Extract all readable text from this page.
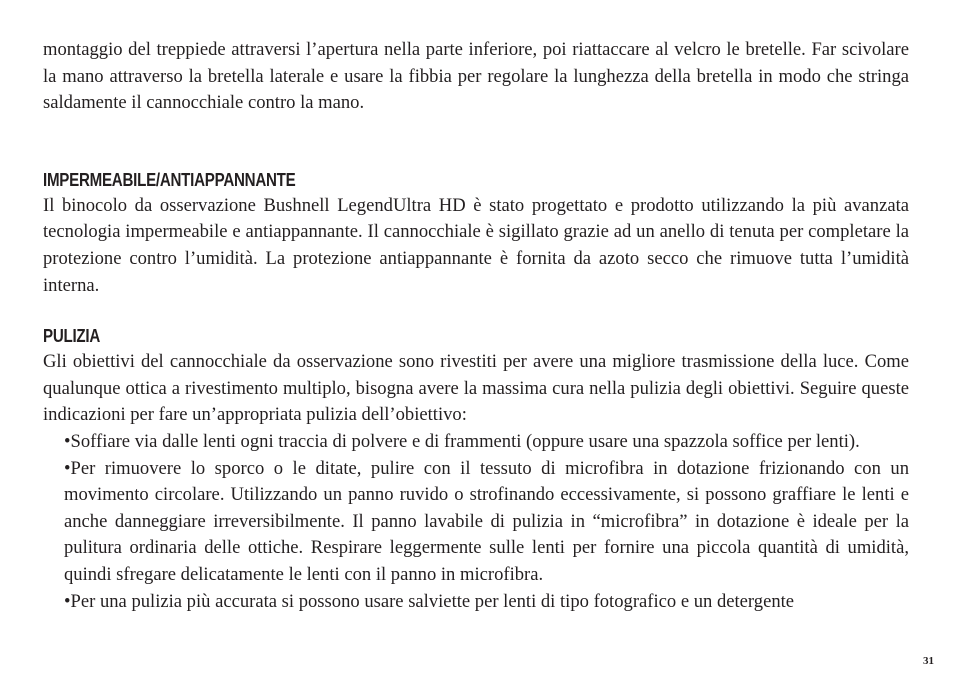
montaggio del treppiede attraversi l’apertura nella parte inferiore, poi riattaccare al velcro le bretelle. Far scivolare la mano attraverso la bretella laterale e usare la fibbia per regolare la lunghezza della bretella in modo che stringa saldamente il cannocchiale contro la mano.

IMPERMEABILE/ANTIAPPANNANTE

Il binocolo da osservazione Bushnell LegendUltra HD è stato progettato e prodotto utilizzando la più avanzata tecnologia impermeabile e antiappannante. Il cannocchiale è sigillato grazie ad un anello di tenuta per completare la protezione contro l’umidità. La protezione antiappannante è fornita da azoto secco che rimuove tutta l’umidità interna.

PULIZIA

Gli obiettivi del cannocchiale da osservazione sono rivestiti per avere una migliore trasmissione della luce. Come qualunque ottica a rivestimento multiplo, bisogna avere la massima cura nella pulizia degli obiettivi. Seguire queste indicazioni per fare un’appropriata pulizia dell’obiettivo:

•Soffiare via dalle lenti ogni traccia di polvere e di frammenti (oppure usare una spazzola soffice per lenti).
•Per rimuovere lo sporco o le ditate, pulire con il tessuto di microfibra in dotazione frizionando con un movimento circolare. Utilizzando un panno ruvido o strofinando eccessivamente, si possono graffiare le lenti e anche danneggiare irreversibilmente. Il panno lavabile di pulizia in “microfibra” in dotazione è ideale per la pulitura ordinaria delle ottiche. Respirare leggermente sulle lenti per fornire una piccola quantità di umidità, quindi sfregare delicatamente le lenti con il panno in microfibra.
•Per una pulizia più accurata si possono usare salviette per lenti di tipo fotografico e un detergente
31
